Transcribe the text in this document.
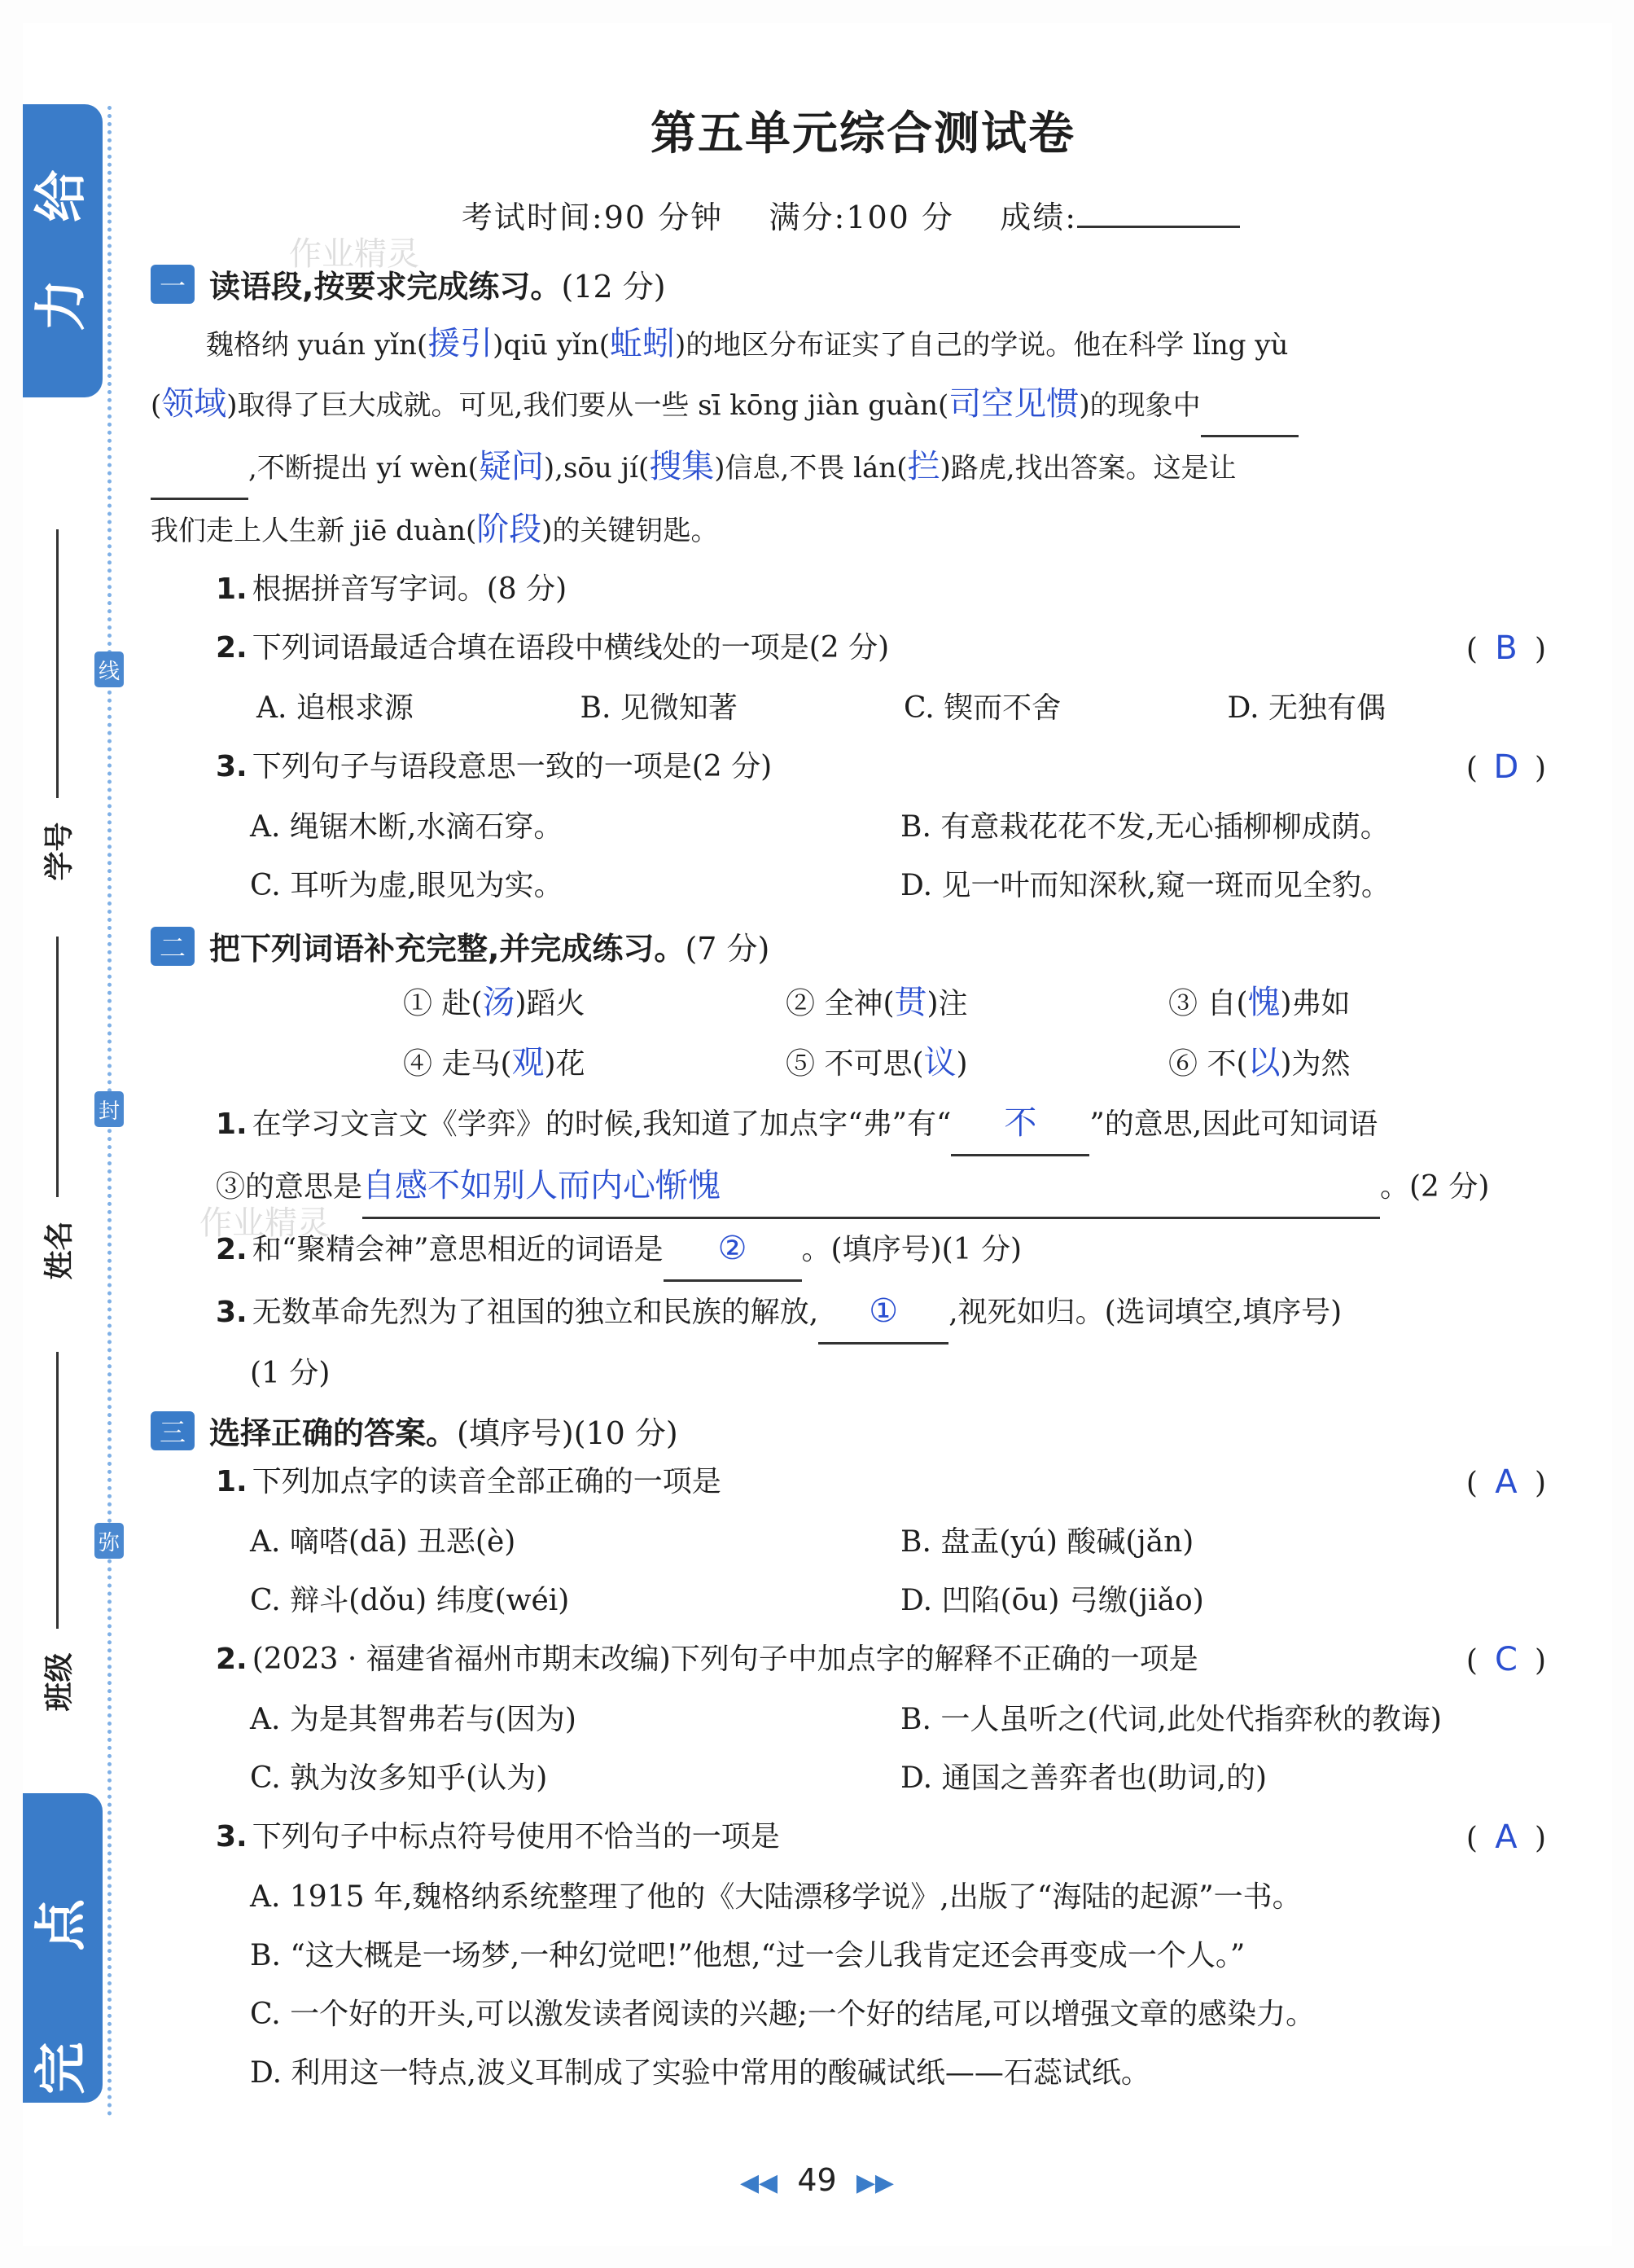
给
力
完
点
线
封
弥
学号
姓名
班级
作业精灵
作业精灵
第五单元综合测试卷
考试时间:90 分钟 满分:100 分 成绩:
一 读语段,按要求完成练习。(12 分)
魏格纳 yuán yǐn(援引)qiū yǐn(蚯蚓)的地区分布证实了自己的学说。他在科学 lǐng yù
(领域)取得了巨大成就。可见,我们要从一些 sī kōng jiàn guàn(司空见惯)的现象中
,不断提出 yí wèn(疑问),sōu jí(搜集)信息,不畏 lán(拦)路虎,找出答案。这是让
我们走上人生新 jiē duàn(阶段)的关键钥匙。
1. 根据拼音写字词。(8 分)
2. 下列词语最适合填在语段中横线处的一项是(2 分)	( B )
A. 追根求源	B. 见微知著	C. 锲而不舍	D. 无独有偶
3. 下列句子与语段意思一致的一项是(2 分)	( D )
A. 绳锯木断,水滴石穿。	B. 有意栽花花不发,无心插柳柳成荫。
C. 耳听为虚,眼见为实。	D. 见一叶而知深秋,窥一斑而见全豹。
二 把下列词语补充完整,并完成练习。(7 分)
① 赴(汤)蹈火	② 全神(贯)注	③ 自(愧)弗如
④ 走马(观)花	⑤ 不可思(议)	⑥ 不(以)为然
1. 在学习文言文《学弈》的时候,我知道了加点字“弗”有“ 不 ”的意思,因此可知词语
③的意思是自感不如别人而内心惭愧	。(2 分)
2. 和“聚精会神”意思相近的词语是 ② 。(填序号)(1 分)
3. 无数革命先烈为了祖国的独立和民族的解放, ① ,视死如归。(选词填空,填序号)
(1 分)
三 选择正确的答案。(填序号)(10 分)
1. 下列加点字的读音全部正确的一项是	( A )
A. 嘀嗒(dā) 丑恶(è)	B. 盘盂(yú) 酸碱(jǎn)
C. 辩斗(dǒu) 纬度(wéi)	D. 凹陷(ōu) 弓缴(jiǎo)
2. (2023 · 福建省福州市期末改编)下列句子中加点字的解释不正确的一项是	( C )
A. 为是其智弗若与(因为)	B. 一人虽听之(代词,此处代指弈秋的教诲)
C. 孰为汝多知乎(认为)	D. 通国之善弈者也(助词,的)
3. 下列句子中标点符号使用不恰当的一项是	( A )
A. 1915 年,魏格纳系统整理了他的《大陆漂移学说》,出版了“海陆的起源”一书。
B. “这大概是一场梦,一种幻觉吧!”他想,“过一会儿我肯定还会再变成一个人。”
C. 一个好的开头,可以激发读者阅读的兴趣;一个好的结尾,可以增强文章的感染力。
D. 利用这一特点,波义耳制成了实验中常用的酸碱试纸——石蕊试纸。
◀◀ 49 ▶▶
